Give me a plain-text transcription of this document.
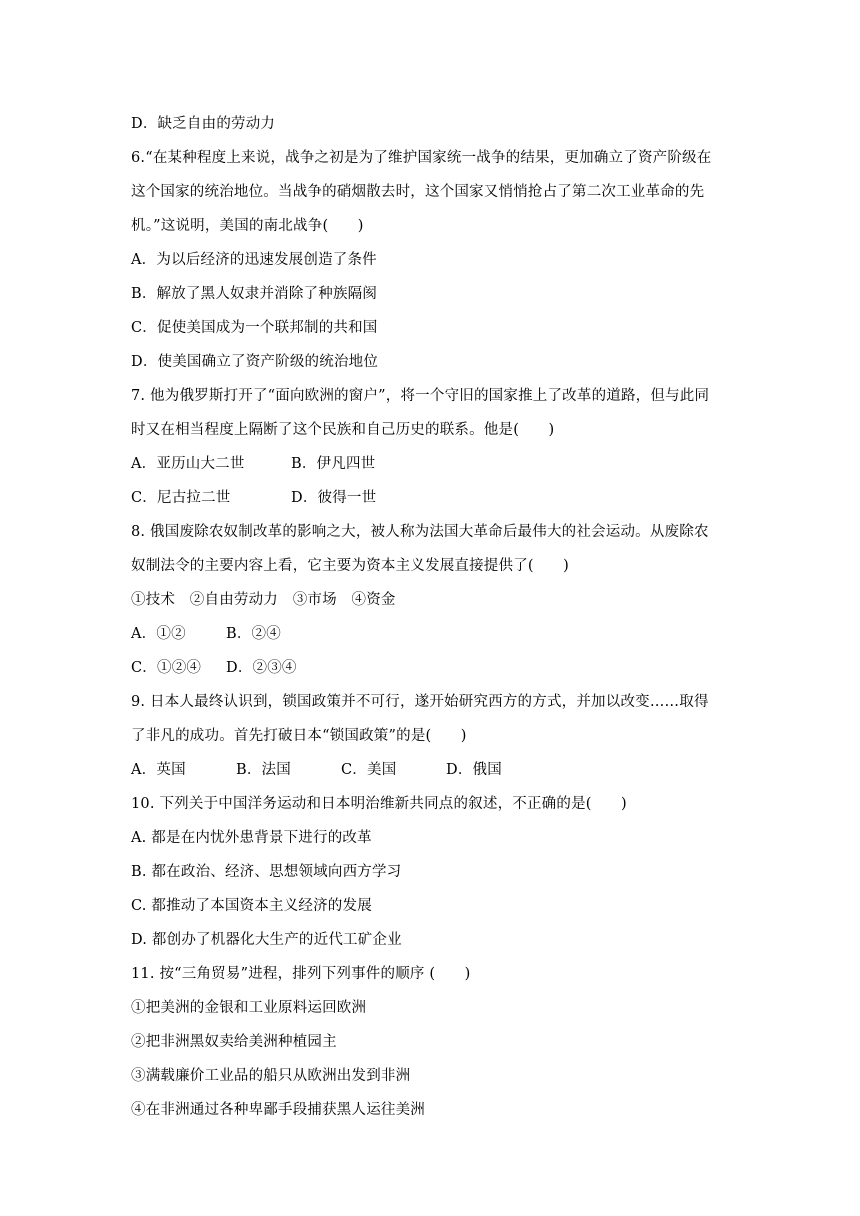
D．缺乏自由的劳动力
6.“在某种程度上来说，战争之初是为了维护国家统一战争的结果，更加确立了资产阶级在
这个国家的统治地位。当战争的硝烟散去时，这个国家又悄悄抢占了第二次工业革命的先
机。”这说明，美国的南北战争(　　)
A．为以后经济的迅速发展创造了条件
B．解放了黑人奴隶并消除了种族隔阂
C．促使美国成为一个联邦制的共和国
D．使美国确立了资产阶级的统治地位
7. 他为俄罗斯打开了“面向欧洲的窗户”，将一个守旧的国家推上了改革的道路，但与此同
时又在相当程度上隔断了这个民族和自己历史的联系。他是(　　)
A．亚历山大二世	B．伊凡四世
C．尼古拉二世	D．彼得一世
8. 俄国废除农奴制改革的影响之大，被人称为法国大革命后最伟大的社会运动。从废除农
奴制法令的主要内容上看，它主要为资本主义发展直接提供了(　　)
①技术　②自由劳动力　③市场　④资金
A．①②	B．②④
C．①②④	D．②③④
9. 日本人最终认识到，锁国政策并不可行，遂开始研究西方的方式，并加以改变……取得
了非凡的成功。首先打破日本“锁国政策”的是(　　)
A．英国	B．法国	C．美国	D．俄国
10. 下列关于中国洋务运动和日本明治维新共同点的叙述，不正确的是(　　)
A. 都是在内忧外患背景下进行的改革
B. 都在政治、经济、思想领域向西方学习
C. 都推动了本国资本主义经济的发展
D. 都创办了机器化大生产的近代工矿企业
11. 按“三角贸易”进程，排列下列事件的顺序 (　　)
①把美洲的金银和工业原料运回欧洲
②把非洲黑奴卖给美洲种植园主
③满载廉价工业品的船只从欧洲出发到非洲
④在非洲通过各种卑鄙手段捕获黑人运往美洲
